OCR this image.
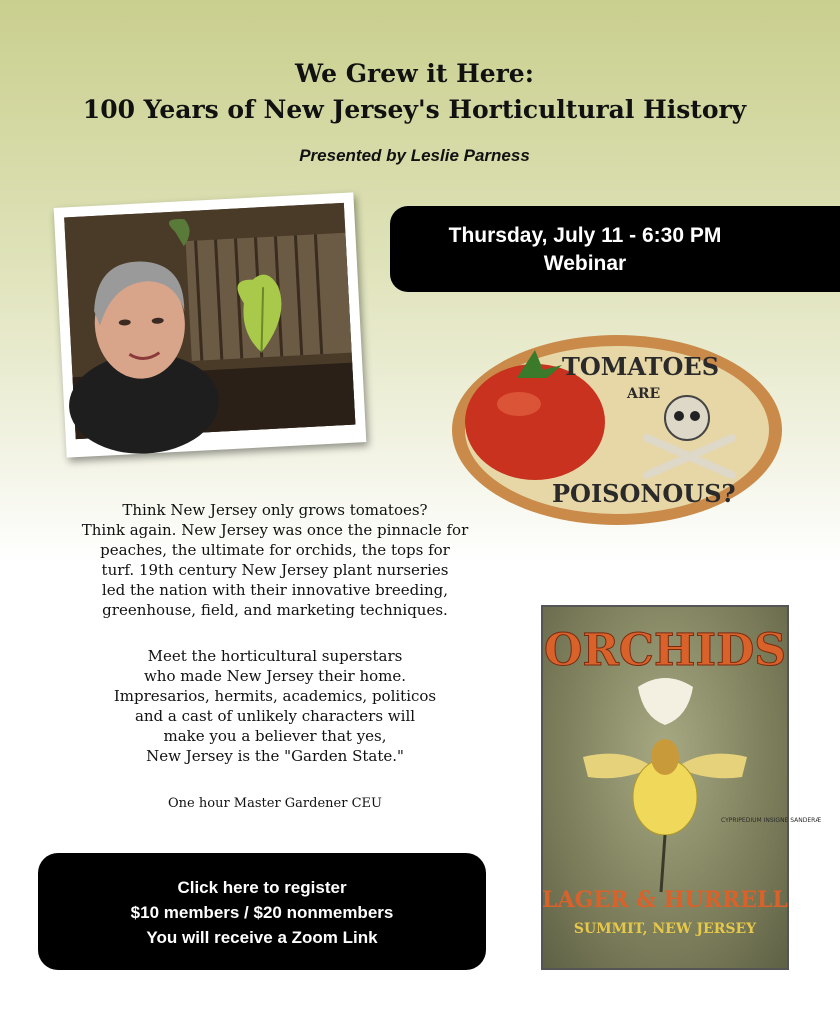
We Grew it Here:
100 Years of New Jersey's Horticultural History
Presented by Leslie Parness
Thursday, July 11 - 6:30 PM
Webinar
TOMATOES
ARE
POISONOUS?
Think New Jersey only grows tomatoes?
Think again. New Jersey was once the pinnacle for
peaches, the ultimate for orchids, the tops for
turf. 19th century New Jersey plant nurseries
led the nation with their innovative breeding,
greenhouse, field, and marketing techniques.
Meet the horticultural superstars
who made New Jersey their home.
Impresarios, hermits, academics, politicos
and a cast of unlikely characters will
make you a believer that yes,
New Jersey is the "Garden State."
One hour Master Gardener CEU
Click here to register
$10 members / $20 nonmembers
You will receive a Zoom Link
ORCHIDS
CYPRIPEDIUM INSIGNE SANDERÆ
LAGER & HURRELL
SUMMIT, NEW JERSEY
